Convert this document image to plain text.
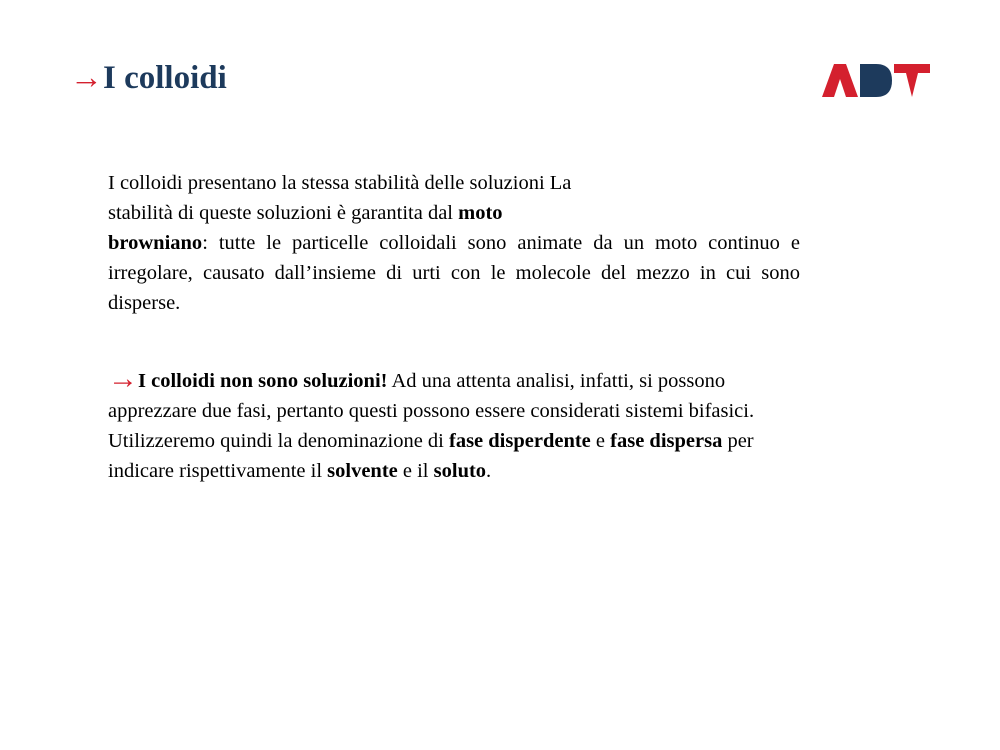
→I colloidi

I colloidi presentano la stessa stabilità delle soluzioni La
stabilità di queste soluzioni è garantita dal moto

browniano: tutte le particelle colloidali sono animate da un moto continuo e irregolare, causato dall’insieme di urti con le molecole del mezzo in cui sono disperse.

→I colloidi non sono soluzioni! Ad una attenta analisi, infatti, si possono apprezzare due fasi, pertanto questi possono essere considerati sistemi bifasici. Utilizzeremo quindi la denominazione di fase disperdente e fase dispersa per indicare rispettivamente il solvente e il soluto.
